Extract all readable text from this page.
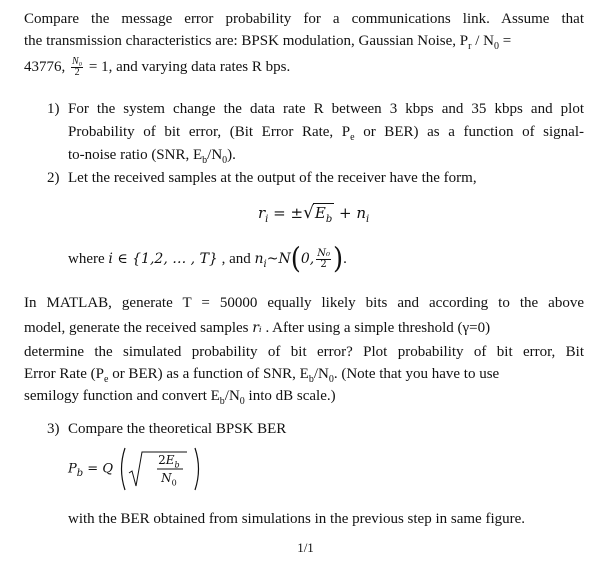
Compare the message error probability for a communications link. Assume that
the transmission characteristics are: BPSK modulation, Gaussian Noise, $P_r / N_0$ =
43776, $\frac{\text{N₀}}{2} = 1$, and varying data rates R bps.
1) For the system change the data rate R between 3 kbps and 35 kbps and plot
Probability of bit error, (Bit Error Rate, $P_e$ or BER) as a function of signal-
to-noise ratio (SNR, $E_b/N_0$).
2) Let the received samples at the output of the receiver have the form,
$r_i = \pm√E_b + n_i$
where i ∈ {1,2, … , T} , and $n_i\sim N(0$, $\frac{\text{N₀}}{2}$ ).
In MATLAB, generate T = 50000 equally likely bits and according to the above
model, generate the received samples rᵢ . After using a simple threshold (γ=0)
determine the simulated probability of bit error? Plot probability of bit error, Bit
Error Rate ($P_e$ or BER) as a function of SNR, $E_b/N_0$. (Note that you have to use
semilogy function and convert $E_b/N_0$ into dB scale.)
3) Compare the theoretical BPSK BER
$P_b = Q$
$2E_b$
$N_0$
with the BER obtained from simulations in the previous step in same figure.
1/1
